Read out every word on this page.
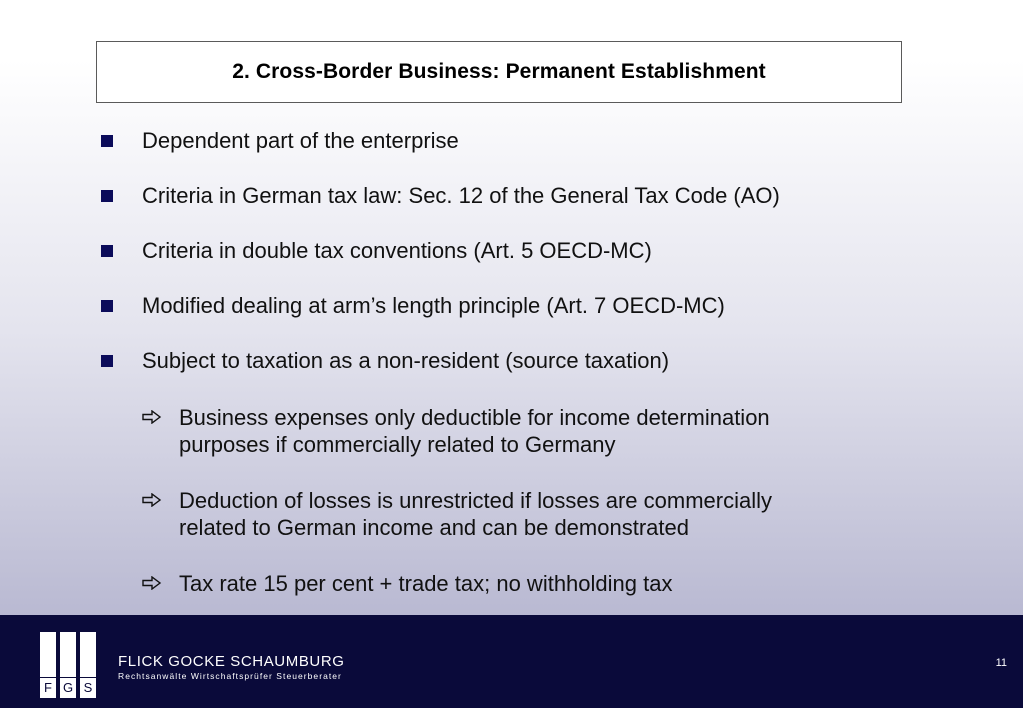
2. Cross-Border Business: Permanent Establishment
Dependent part of the enterprise
Criteria in German tax law: Sec. 12 of the General Tax Code (AO)
Criteria in double tax conventions (Art. 5 OECD-MC)
Modified dealing at arm’s length principle (Art. 7 OECD-MC)
Subject to taxation as a non-resident (source taxation)
Business expenses only deductible for income determination
purposes if commercially related to Germany
Deduction of losses is unrestricted if losses are commercially
related to German income and can be demonstrated
Tax rate 15 per cent + trade tax; no withholding tax
F G S
FLICK GOCKE SCHAUMBURG
Rechtsanwälte Wirtschaftsprüfer Steuerberater
11
